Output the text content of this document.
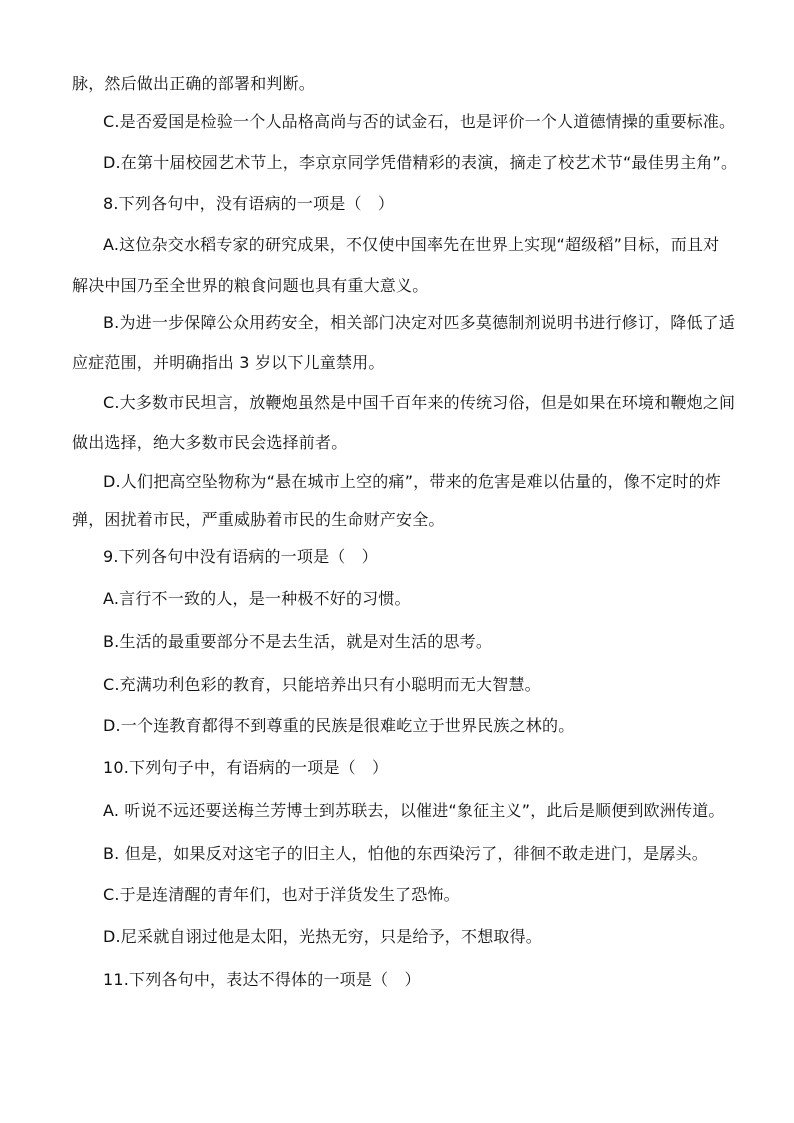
脉，然后做出正确的部署和判断。
C.是否爱国是检验一个人品格高尚与否的试金石，也是评价一个人道德情操的重要标准。
D.在第十届校园艺术节上，李京京同学凭借精彩的表演，摘走了校艺术节“最佳男主角”。
8.下列各句中，没有语病的一项是（　）
A.这位杂交水稻专家的研究成果，不仅使中国率先在世界上实现“超级稻”目标，而且对
解决中国乃至全世界的粮食问题也具有重大意义。
B.为进一步保障公众用药安全，相关部门决定对匹多莫德制剂说明书进行修订，降低了适
应症范围，并明确指出 3 岁以下儿童禁用。
C.大多数市民坦言，放鞭炮虽然是中国千百年来的传统习俗，但是如果在环境和鞭炮之间
做出选择，绝大多数市民会选择前者。
D.人们把高空坠物称为“悬在城市上空的痛”，带来的危害是难以估量的，像不定时的炸
弹，困扰着市民，严重威胁着市民的生命财产安全。
9.下列各句中没有语病的一项是（　）
A.言行不一致的人，是一种极不好的习惯。
B.生活的最重要部分不是去生活，就是对生活的思考。
C.充满功利色彩的教育，只能培养出只有小聪明而无大智慧。
D.一个连教育都得不到尊重的民族是很难屹立于世界民族之林的。
10.下列句子中，有语病的一项是（　）
A. 听说不远还要送梅兰芳博士到苏联去，以催进“象征主义”，此后是顺便到欧洲传道。
B. 但是，如果反对这宅子的旧主人，怕他的东西染污了，徘徊不敢走进门，是孱头。
C.于是连清醒的青年们，也对于洋货发生了恐怖。
D.尼采就自诩过他是太阳，光热无穷，只是给予，不想取得。
11.下列各句中，表达不得体的一项是（　）
